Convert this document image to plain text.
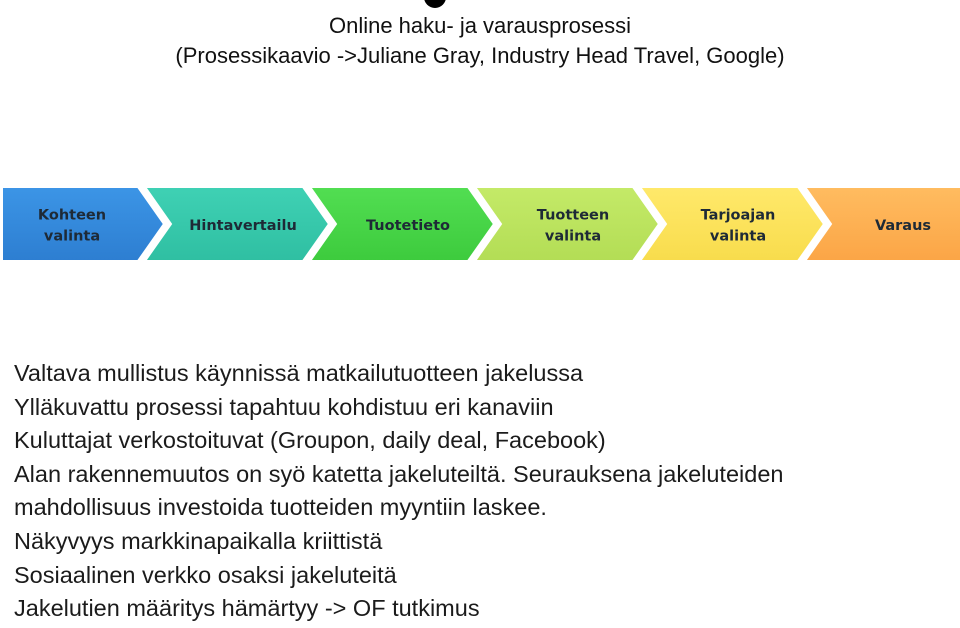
Online haku- ja varausprosessi
(Prosessikaavio ->Juliane Gray, Industry Head Travel, Google)
Kohteen
valinta
Hintavertailu	Tuotetieto
Tuotteen
valinta
Tarjoajan
valinta
Varaus
Valtava mullistus käynnissä matkailutuotteen jakelussa
Ylläkuvattu prosessi tapahtuu kohdistuu eri kanaviin
Kuluttajat verkostoituvat (Groupon, daily deal, Facebook)
Alan rakennemuutos on syö katetta jakeluteiltä. Seurauksena jakeluteiden
mahdollisuus investoida tuotteiden myyntiin laskee.
Näkyvyys markkinapaikalla kriittistä
Sosiaalinen verkko osaksi jakeluteitä
Jakelutien määritys hämärtyy -> OF tutkimus
